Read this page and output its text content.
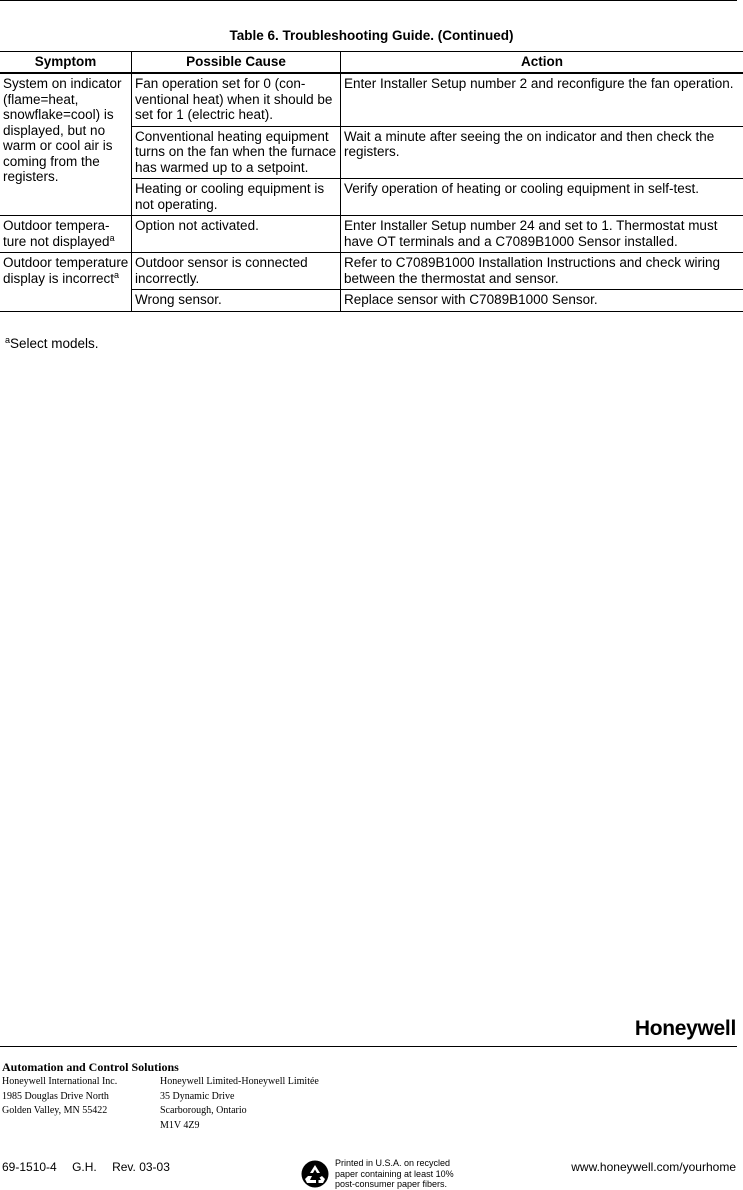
Table 6. Troubleshooting Guide. (Continued)
Symptom	Possible Cause	Action
System on indicator (flame=heat, snowflake=cool) is displayed, but no warm or cool air is coming from the registers.	Fan operation set for 0 (con-ventional heat) when it should be set for 1 (electric heat).	Enter Installer Setup number 2 and reconfigure the fan operation.
	Conventional heating equipment turns on the fan when the furnace has warmed up to a setpoint.	Wait a minute after seeing the on indicator and then check the registers.
	Heating or cooling equipment is not operating.	Verify operation of heating or cooling equipment in self-test.
Outdoor tempera-ture not displayed$^a$	Option not activated.	Enter Installer Setup number 24 and set to 1. Thermostat must have OT terminals and a C7089B1000 Sensor installed.
Outdoor temperature display is incorrect$^a$	Outdoor sensor is connected incorrectly.	Refer to C7089B1000 Installation Instructions and check wiring between the thermostat and sensor.
	Wrong sensor.	Replace sensor with C7089B1000 Sensor.
$^a$Select models.
Honeywell
Automation and Control Solutions
Honeywell International Inc.
1985 Douglas Drive North
Golden Valley, MN 55422
Honeywell Limited-Honeywell Limitée
35 Dynamic Drive
Scarborough, Ontario
M1V 4Z9
69-1510-4 G.H. Rev. 03-03	Printed in U.S.A. on recycled
paper containing at least 10%
post-consumer paper fibers.
www.honeywell.com/yourhome
